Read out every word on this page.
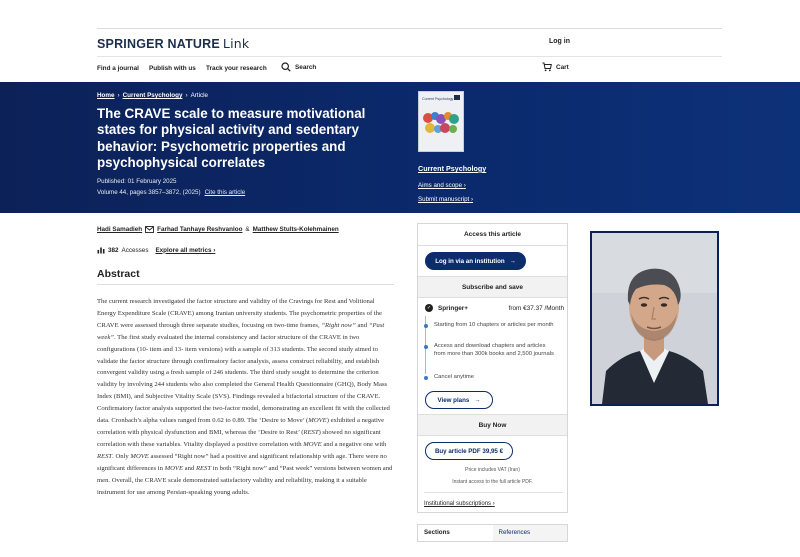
SPRINGER NATURE Link	Log in
Find a journal Publish with us Track your research	Search	Cart
Home › Current Psychology › Article
The CRAVE scale to measure motivational states for physical activity and sedentary behavior: Psychometric properties and psychophysical correlates
Published: 01 February 2025
Volume 44, pages 3857–3872, (2025) Cite this article
Current Psychology
Current Psychology
Aims and scope ›
Submit manuscript ›
Hadi Samadieh Farhad Tanhaye Reshvanloo & Matthew Stults-Kolehmainen
382 Accesses Explore all metrics ›
Abstract
The current research investigated the factor structure and validity of the Cravings for Rest and Volitional Energy Expenditure Scale (CRAVE) among Iranian university students. The psychometric properties of the CRAVE were assessed through three separate studies, focusing on two-time frames, “Right now” and “Past week”. The first study evaluated the internal consistency and factor structure of the CRAVE in two configurations (10- item and 13- item versions) with a sample of 313 students. The second study aimed to validate the factor structure through confirmatory factor analysis, assess construct reliability, and establish convergent validity using a fresh sample of 246 students. The third study sought to determine the criterion validity by involving 244 students who also completed the General Health Questionnaire (GHQ), Body Mass Index (BMI), and Subjective Vitality Scale (SVS). Findings revealed a bifactorial structure of the CRAVE. Confirmatory factor analysis supported the two-factor model, demonstrating an excellent fit with the collected data. Cronbach’s alpha values ranged from 0.62 to 0.89. The ‘Desire to Move’ (MOVE) exhibited a negative correlation with physical dysfunction and BMI, whereas the ‘Desire to Rest’ (REST) showed no significant correlation with these variables. Vitality displayed a positive correlation with MOVE and a negative one with REST. Only MOVE assessed “Right now” had a positive and significant relationship with age. There were no significant differences in MOVE and REST in both “Right now” and “Past week” versions between women and men. Overall, the CRAVE scale demonstrated satisfactory validity and reliability, making it a suitable instrument for use among Persian-speaking young adults.
Access this article
Log in via an institution →
Subscribe and save
✓ Springer+	from €37.37 /Month
Starting from 10 chapters or articles per month
Access and download chapters and articles from more than 300k books and 2,500 journals
Cancel anytime
View plans →
Buy Now
Buy article PDF 39,95 €
Price includes VAT (Iran)
Instant access to the full article PDF.
Institutional subscriptions ›
Sections	References
